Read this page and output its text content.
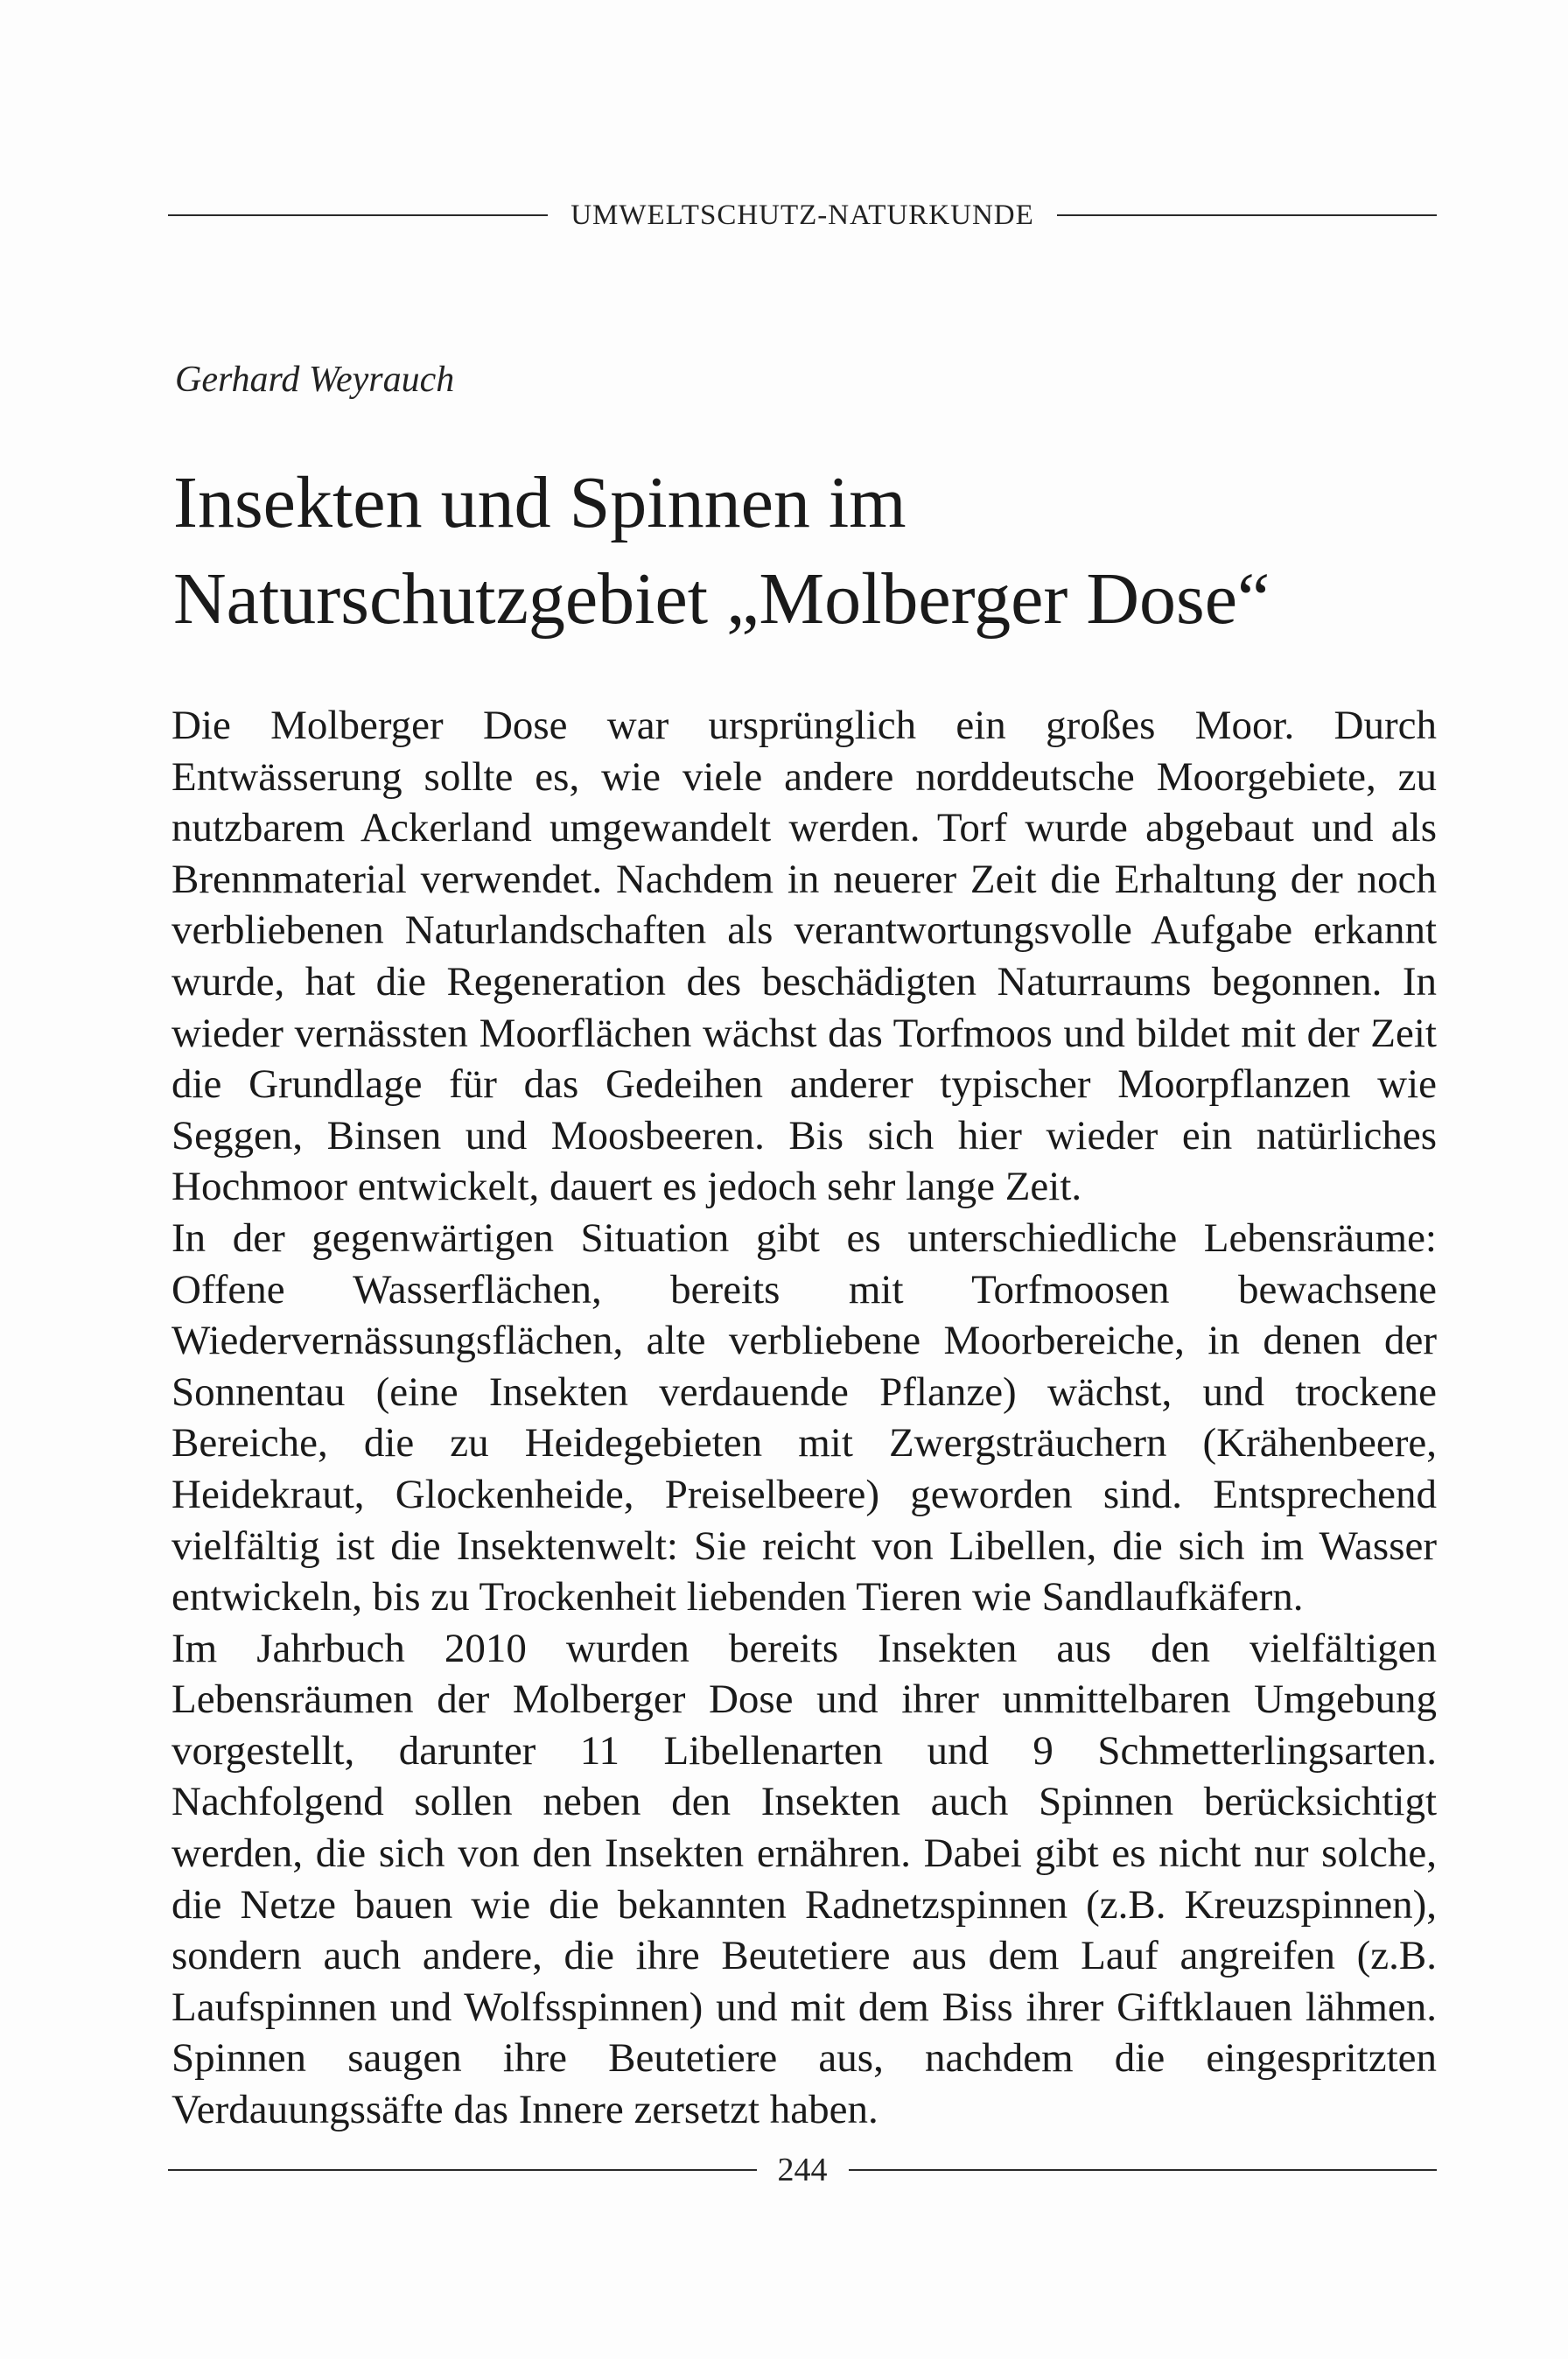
UMWELTSCHUTZ-NATURKUNDE
Gerhard Weyrauch
Insekten und Spinnen im
Naturschutzgebiet „Molberger Dose“

Die Molberger Dose war ursprünglich ein großes Moor. Durch Entwässerung sollte es, wie viele andere norddeutsche Moorgebiete, zu nutzbarem Ackerland umgewandelt werden. Torf wurde abgebaut und als Brennmaterial verwendet. Nachdem in neuerer Zeit die Erhaltung der noch verbliebenen Naturlandschaften als verantwortungsvolle Aufgabe erkannt wurde, hat die Regeneration des beschädigten Naturraums begonnen. In wieder vernässten Moorflächen wächst das Torfmoos und bildet mit der Zeit die Grundlage für das Gedeihen anderer typischer Moorpflanzen wie Seggen, Binsen und Moosbeeren. Bis sich hier wieder ein natürliches Hochmoor entwickelt, dauert es jedoch sehr lange Zeit.

In der gegenwärtigen Situation gibt es unterschiedliche Lebensräume: Offene Wasserflächen, bereits mit Torfmoosen bewachsene Wiedervernässungsflächen, alte verbliebene Moorbereiche, in denen der Sonnentau (eine Insekten verdauende Pflanze) wächst, und trockene Bereiche, die zu Heidegebieten mit Zwergsträuchern (Krähenbeere, Heidekraut, Glockenheide, Preiselbeere) geworden sind. Entsprechend vielfältig ist die Insektenwelt: Sie reicht von Libellen, die sich im Wasser entwickeln, bis zu Trockenheit liebenden Tieren wie Sandlaufkäfern.

Im Jahrbuch 2010 wurden bereits Insekten aus den vielfältigen Lebensräumen der Molberger Dose und ihrer unmittelbaren Umgebung vorgestellt, darunter 11 Libellenarten und 9 Schmetterlingsarten. Nachfolgend sollen neben den Insekten auch Spinnen berücksichtigt werden, die sich von den Insekten ernähren. Dabei gibt es nicht nur solche, die Netze bauen wie die bekannten Radnetzspinnen (z.B. Kreuzspinnen), sondern auch andere, die ihre Beutetiere aus dem Lauf angreifen (z.B. Laufspinnen und Wolfsspinnen) und mit dem Biss ihrer Giftklauen lähmen. Spinnen saugen ihre Beutetiere aus, nachdem die eingespritzten Verdauungssäfte das Innere zersetzt haben.

244
